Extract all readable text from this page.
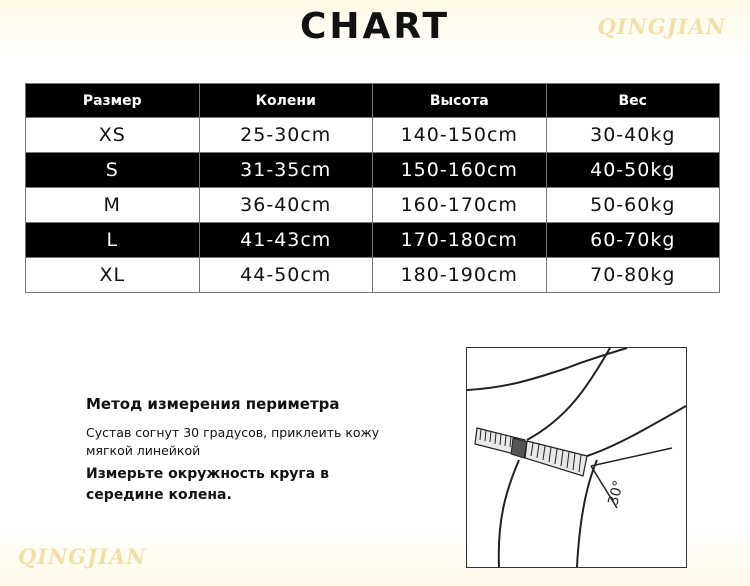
QINGJIAN
QINGJIAN
CHART
Размер	Колени	Высота	Вес
XS	25-30cm	140-150cm	30-40kg
S	31-35cm	150-160cm	40-50kg
M	36-40cm	160-170cm	50-60kg
L	41-43cm	170-180cm	60-70kg
XL	44-50cm	180-190cm	70-80kg
Метод измерения периметра
Сустав согнут 30 градусов, приклеить кожу мягкой линейкой
Измерьте окружность круга в середине колена.	30°
